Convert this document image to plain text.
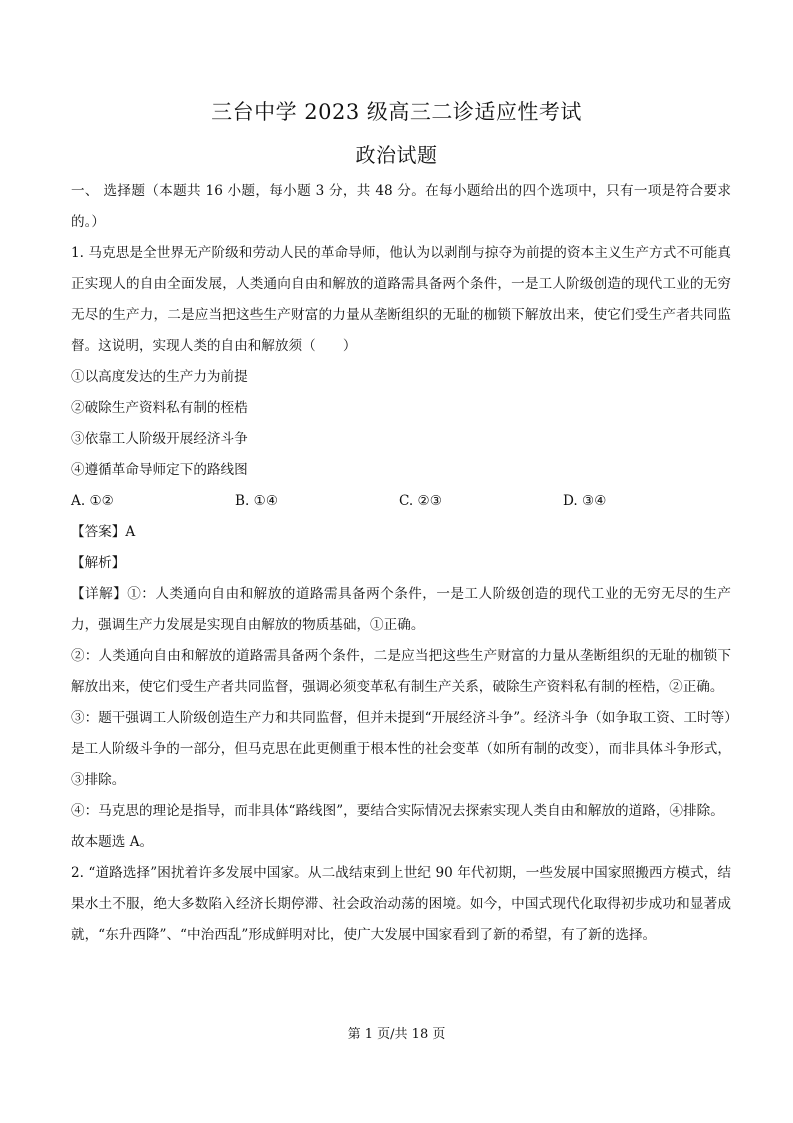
三台中学 2023 级高三二诊适应性考试
政治试题

一、 选择题（本题共 16 小题，每小题 3 分，共 48 分。在每小题给出的四个选项中，只有一项是符合要求的。）

1. 马克思是全世界无产阶级和劳动人民的革命导师，他认为以剥削与掠夺为前提的资本主义生产方式不可能真正实现人的自由全面发展，人类通向自由和解放的道路需具备两个条件，一是工人阶级创造的现代工业的无穷无尽的生产力，二是应当把这些生产财富的力量从垄断组织的无耻的枷锁下解放出来，使它们受生产者共同监督。这说明，实现人类的自由和解放须（　　）

①以高度发达的生产力为前提

②破除生产资料私有制的桎梏

③依靠工人阶级开展经济斗争

④遵循革命导师定下的路线图

A. ①②	B. ①④	C. ②③	D. ③④

【答案】A

【解析】

【详解】①：人类通向自由和解放的道路需具备两个条件，一是工人阶级创造的现代工业的无穷无尽的生产力，强调生产力发展是实现自由解放的物质基础，①正确。

②：人类通向自由和解放的道路需具备两个条件，二是应当把这些生产财富的力量从垄断组织的无耻的枷锁下解放出来，使它们受生产者共同监督，强调必须变革私有制生产关系，破除生产资料私有制的桎梏，②正确。

③：题干强调工人阶级创造生产力和共同监督，但并未提到“开展经济斗争”。经济斗争（如争取工资、工时等）是工人阶级斗争的一部分，但马克思在此更侧重于根本性的社会变革（如所有制的改变），而非具体斗争形式，③排除。

④：马克思的理论是指导，而非具体“路线图”，要结合实际情况去探索实现人类自由和解放的道路，④排除。

故本题选 A。

2. “道路选择”困扰着许多发展中国家。从二战结束到上世纪 90 年代初期，一些发展中国家照搬西方模式，结果水土不服，绝大多数陷入经济长期停滞、社会政治动荡的困境。如今，中国式现代化取得初步成功和显著成就，“东升西降”、“中治西乱”形成鲜明对比，使广大发展中国家看到了新的希望，有了新的选择。

第 1 页/共 18 页
